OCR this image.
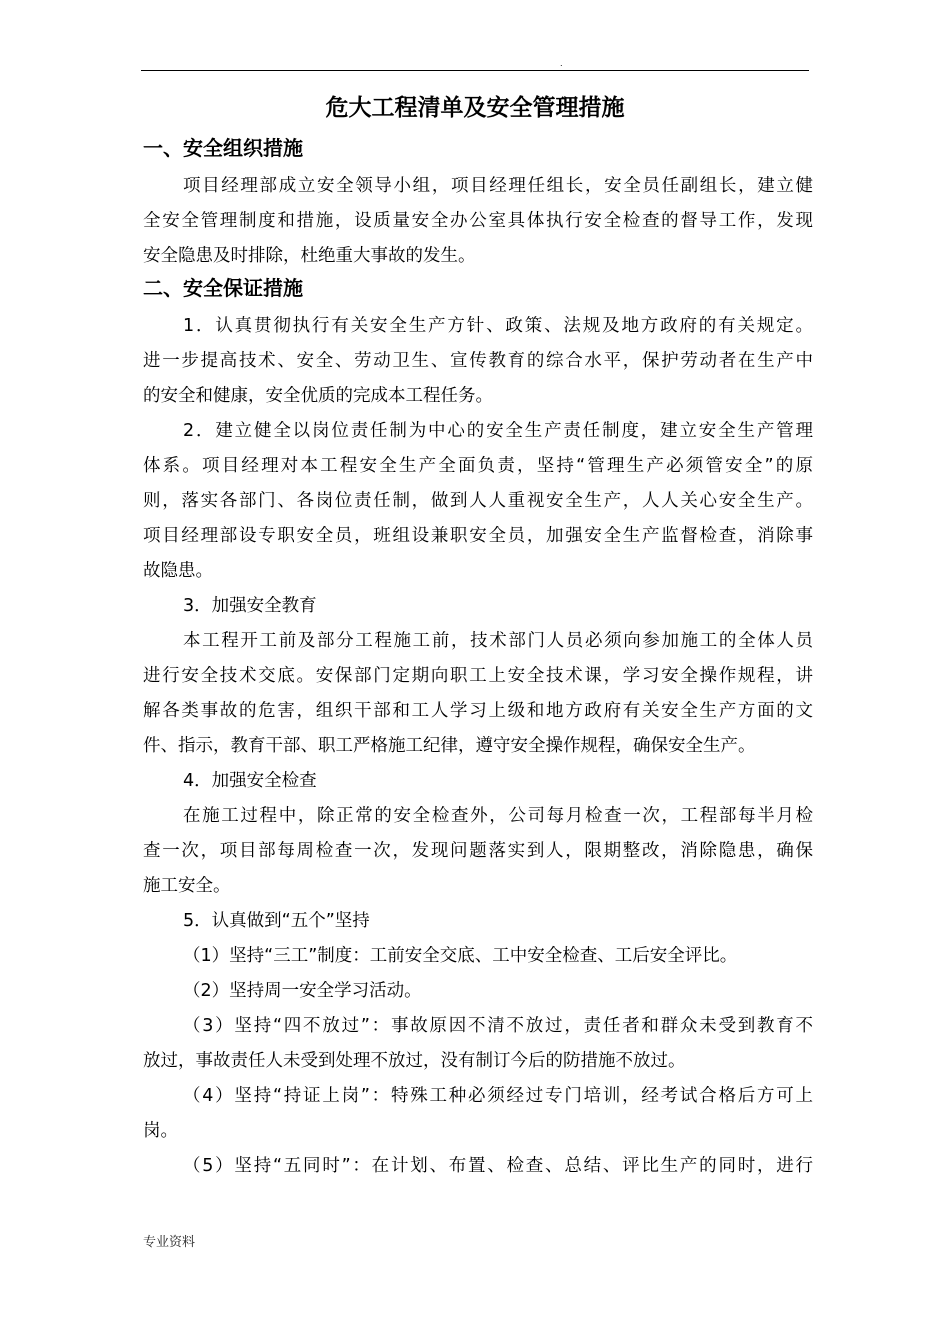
.
危大工程清单及安全管理措施
一、安全组织措施
项目经理部成立安全领导小组，项目经理任组长，安全员任副组长，建立健
全安全管理制度和措施，设质量安全办公室具体执行安全检查的督导工作，发现
安全隐患及时排除，杜绝重大事故的发生。
二、安全保证措施
1．认真贯彻执行有关安全生产方针、政策、法规及地方政府的有关规定。
进一步提高技术、安全、劳动卫生、宣传教育的综合水平，保护劳动者在生产中
的安全和健康，安全优质的完成本工程任务。
2．建立健全以岗位责任制为中心的安全生产责任制度，建立安全生产管理
体系。项目经理对本工程安全生产全面负责，坚持“管理生产必须管安全”的原
则，落实各部门、各岗位责任制，做到人人重视安全生产，人人关心安全生产。
项目经理部设专职安全员，班组设兼职安全员，加强安全生产监督检查，消除事
故隐患。
3．加强安全教育
本工程开工前及部分工程施工前，技术部门人员必须向参加施工的全体人员
进行安全技术交底。安保部门定期向职工上安全技术课，学习安全操作规程，讲
解各类事故的危害，组织干部和工人学习上级和地方政府有关安全生产方面的文
件、指示，教育干部、职工严格施工纪律，遵守安全操作规程，确保安全生产。
4．加强安全检查
在施工过程中，除正常的安全检查外，公司每月检查一次，工程部每半月检
查一次，项目部每周检查一次，发现问题落实到人，限期整改，消除隐患，确保
施工安全。
5．认真做到“五个”坚持
（1）坚持“三工”制度：工前安全交底、工中安全检查、工后安全评比。
（2）坚持周一安全学习活动。
（3）坚持“四不放过”：事故原因不清不放过，责任者和群众未受到教育不
放过，事故责任人未受到处理不放过，没有制订今后的防措施不放过。
（4）坚持“持证上岗”：特殊工种必须经过专门培训，经考试合格后方可上
岗。
（5）坚持“五同时”：在计划、布置、检查、总结、评比生产的同时，进行
专业资料
